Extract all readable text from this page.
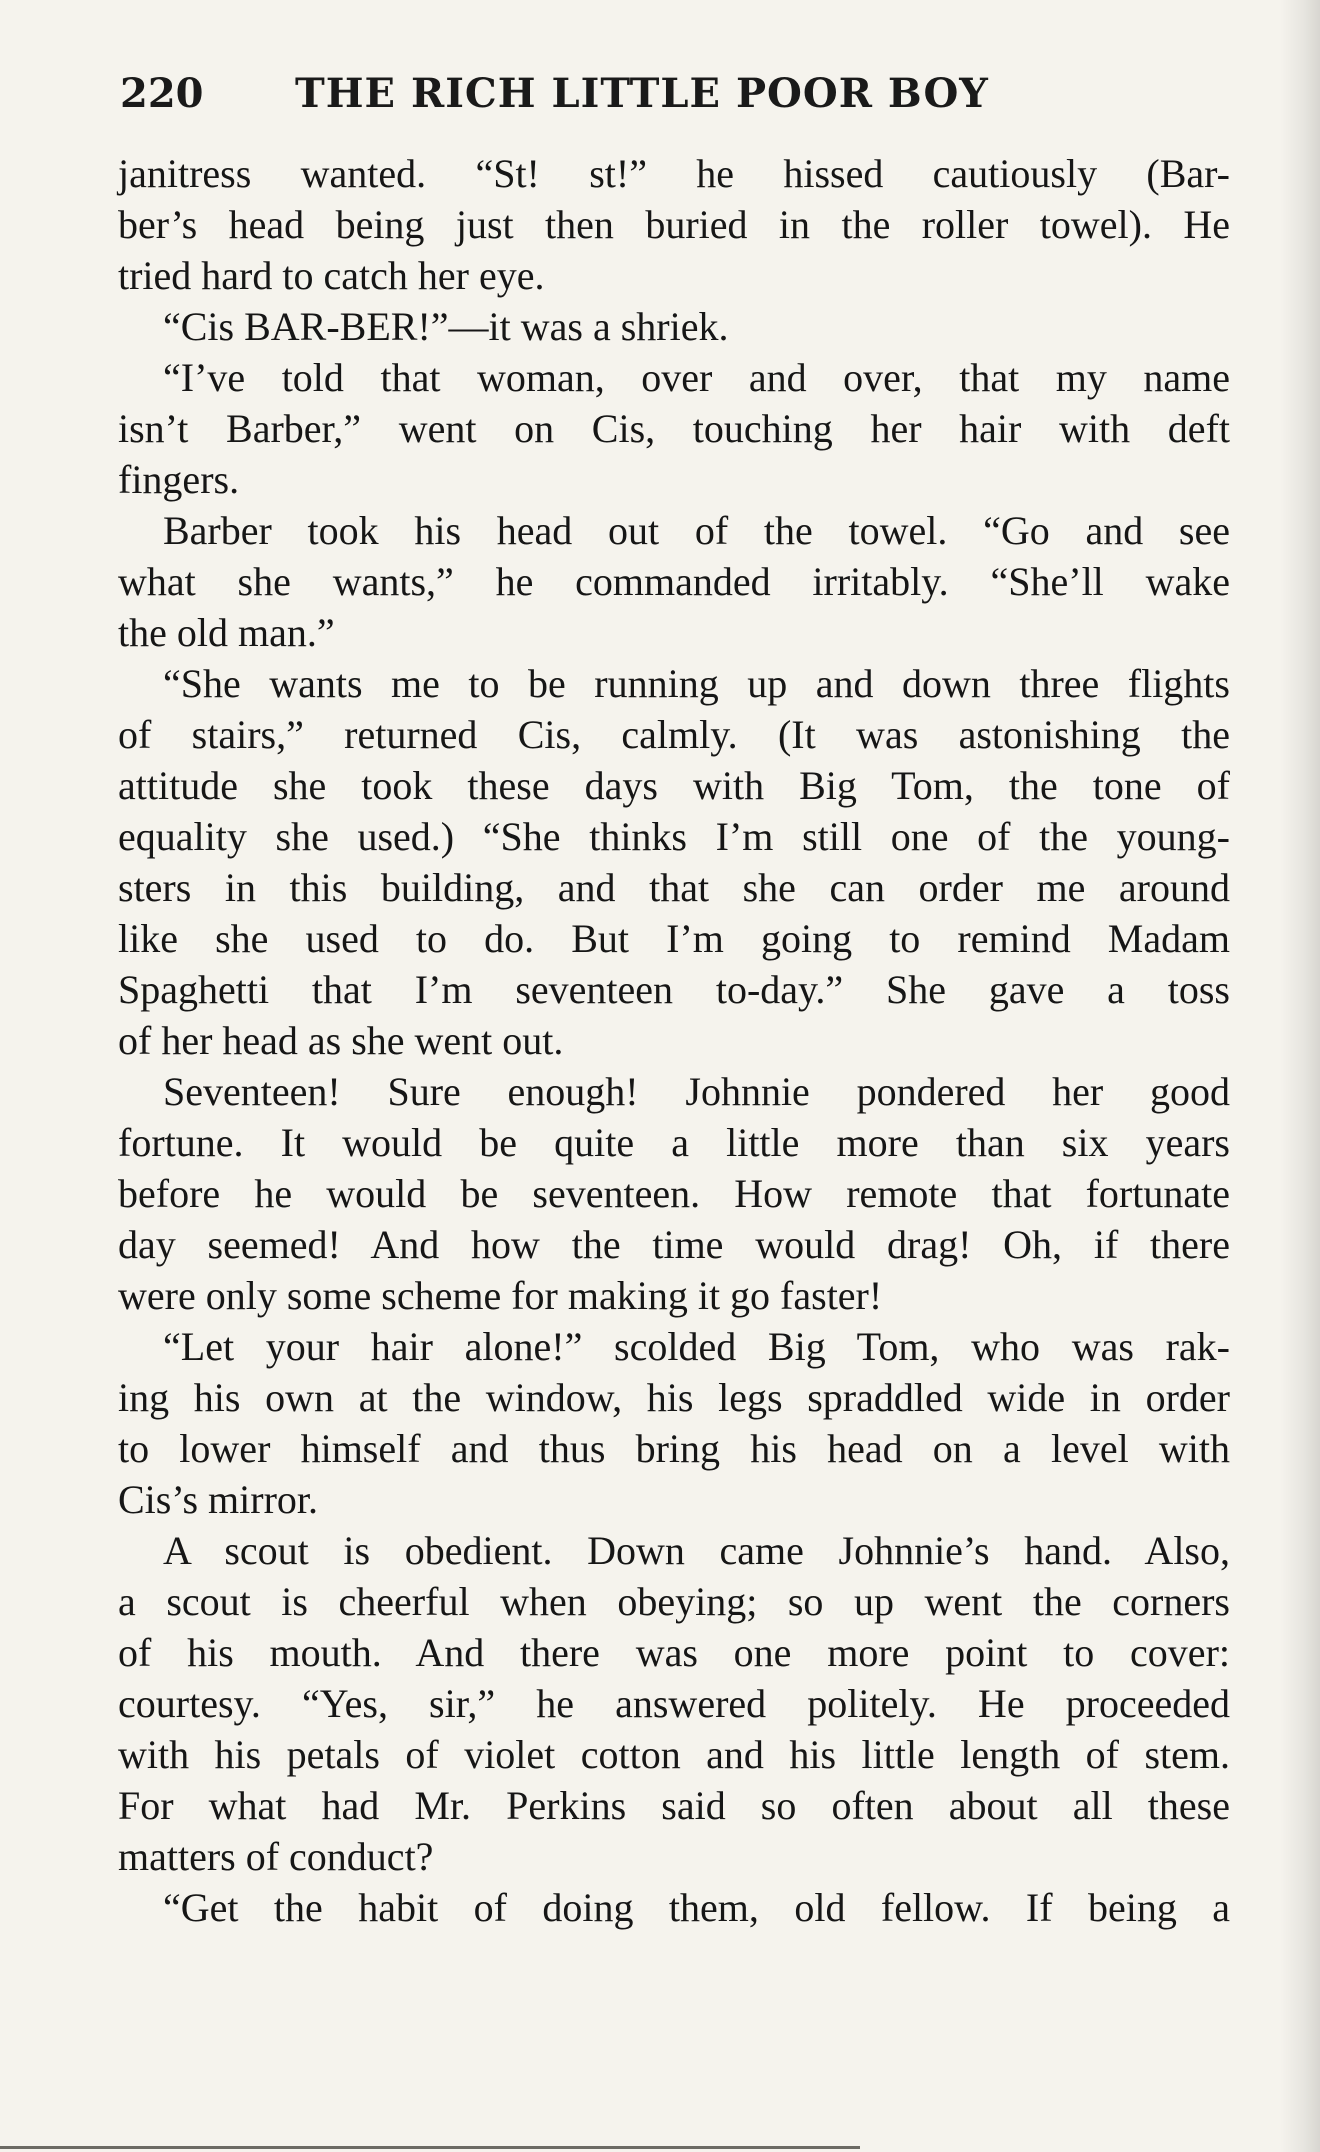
220 THE RICH LITTLE POOR BOY
janitress wanted. “St! st!” he hissed cautiously (Bar-
ber’s head being just then buried in the roller towel). He
tried hard to catch her eye.
“Cis BAR-BER!”—it was a shriek.
“I’ve told that woman, over and over, that my name
isn’t Barber,” went on Cis, touching her hair with deft
fingers.
Barber took his head out of the towel. “Go and see
what she wants,” he commanded irritably. “She’ll wake
the old man.”
“She wants me to be running up and down three flights
of stairs,” returned Cis, calmly. (It was astonishing the
attitude she took these days with Big Tom, the tone of
equality she used.) “She thinks I’m still one of the young-
sters in this building, and that she can order me around
like she used to do. But I’m going to remind Madam
Spaghetti that I’m seventeen to-day.” She gave a toss
of her head as she went out.
Seventeen! Sure enough! Johnnie pondered her good
fortune. It would be quite a little more than six years
before he would be seventeen. How remote that fortunate
day seemed! And how the time would drag! Oh, if there
were only some scheme for making it go faster!
“Let your hair alone!” scolded Big Tom, who was rak-
ing his own at the window, his legs spraddled wide in order
to lower himself and thus bring his head on a level with
Cis’s mirror.
A scout is obedient. Down came Johnnie’s hand. Also,
a scout is cheerful when obeying; so up went the corners
of his mouth. And there was one more point to cover:
courtesy. “Yes, sir,” he answered politely. He proceeded
with his petals of violet cotton and his little length of stem.
For what had Mr. Perkins said so often about all these
matters of conduct?
“Get the habit of doing them, old fellow. If being a
